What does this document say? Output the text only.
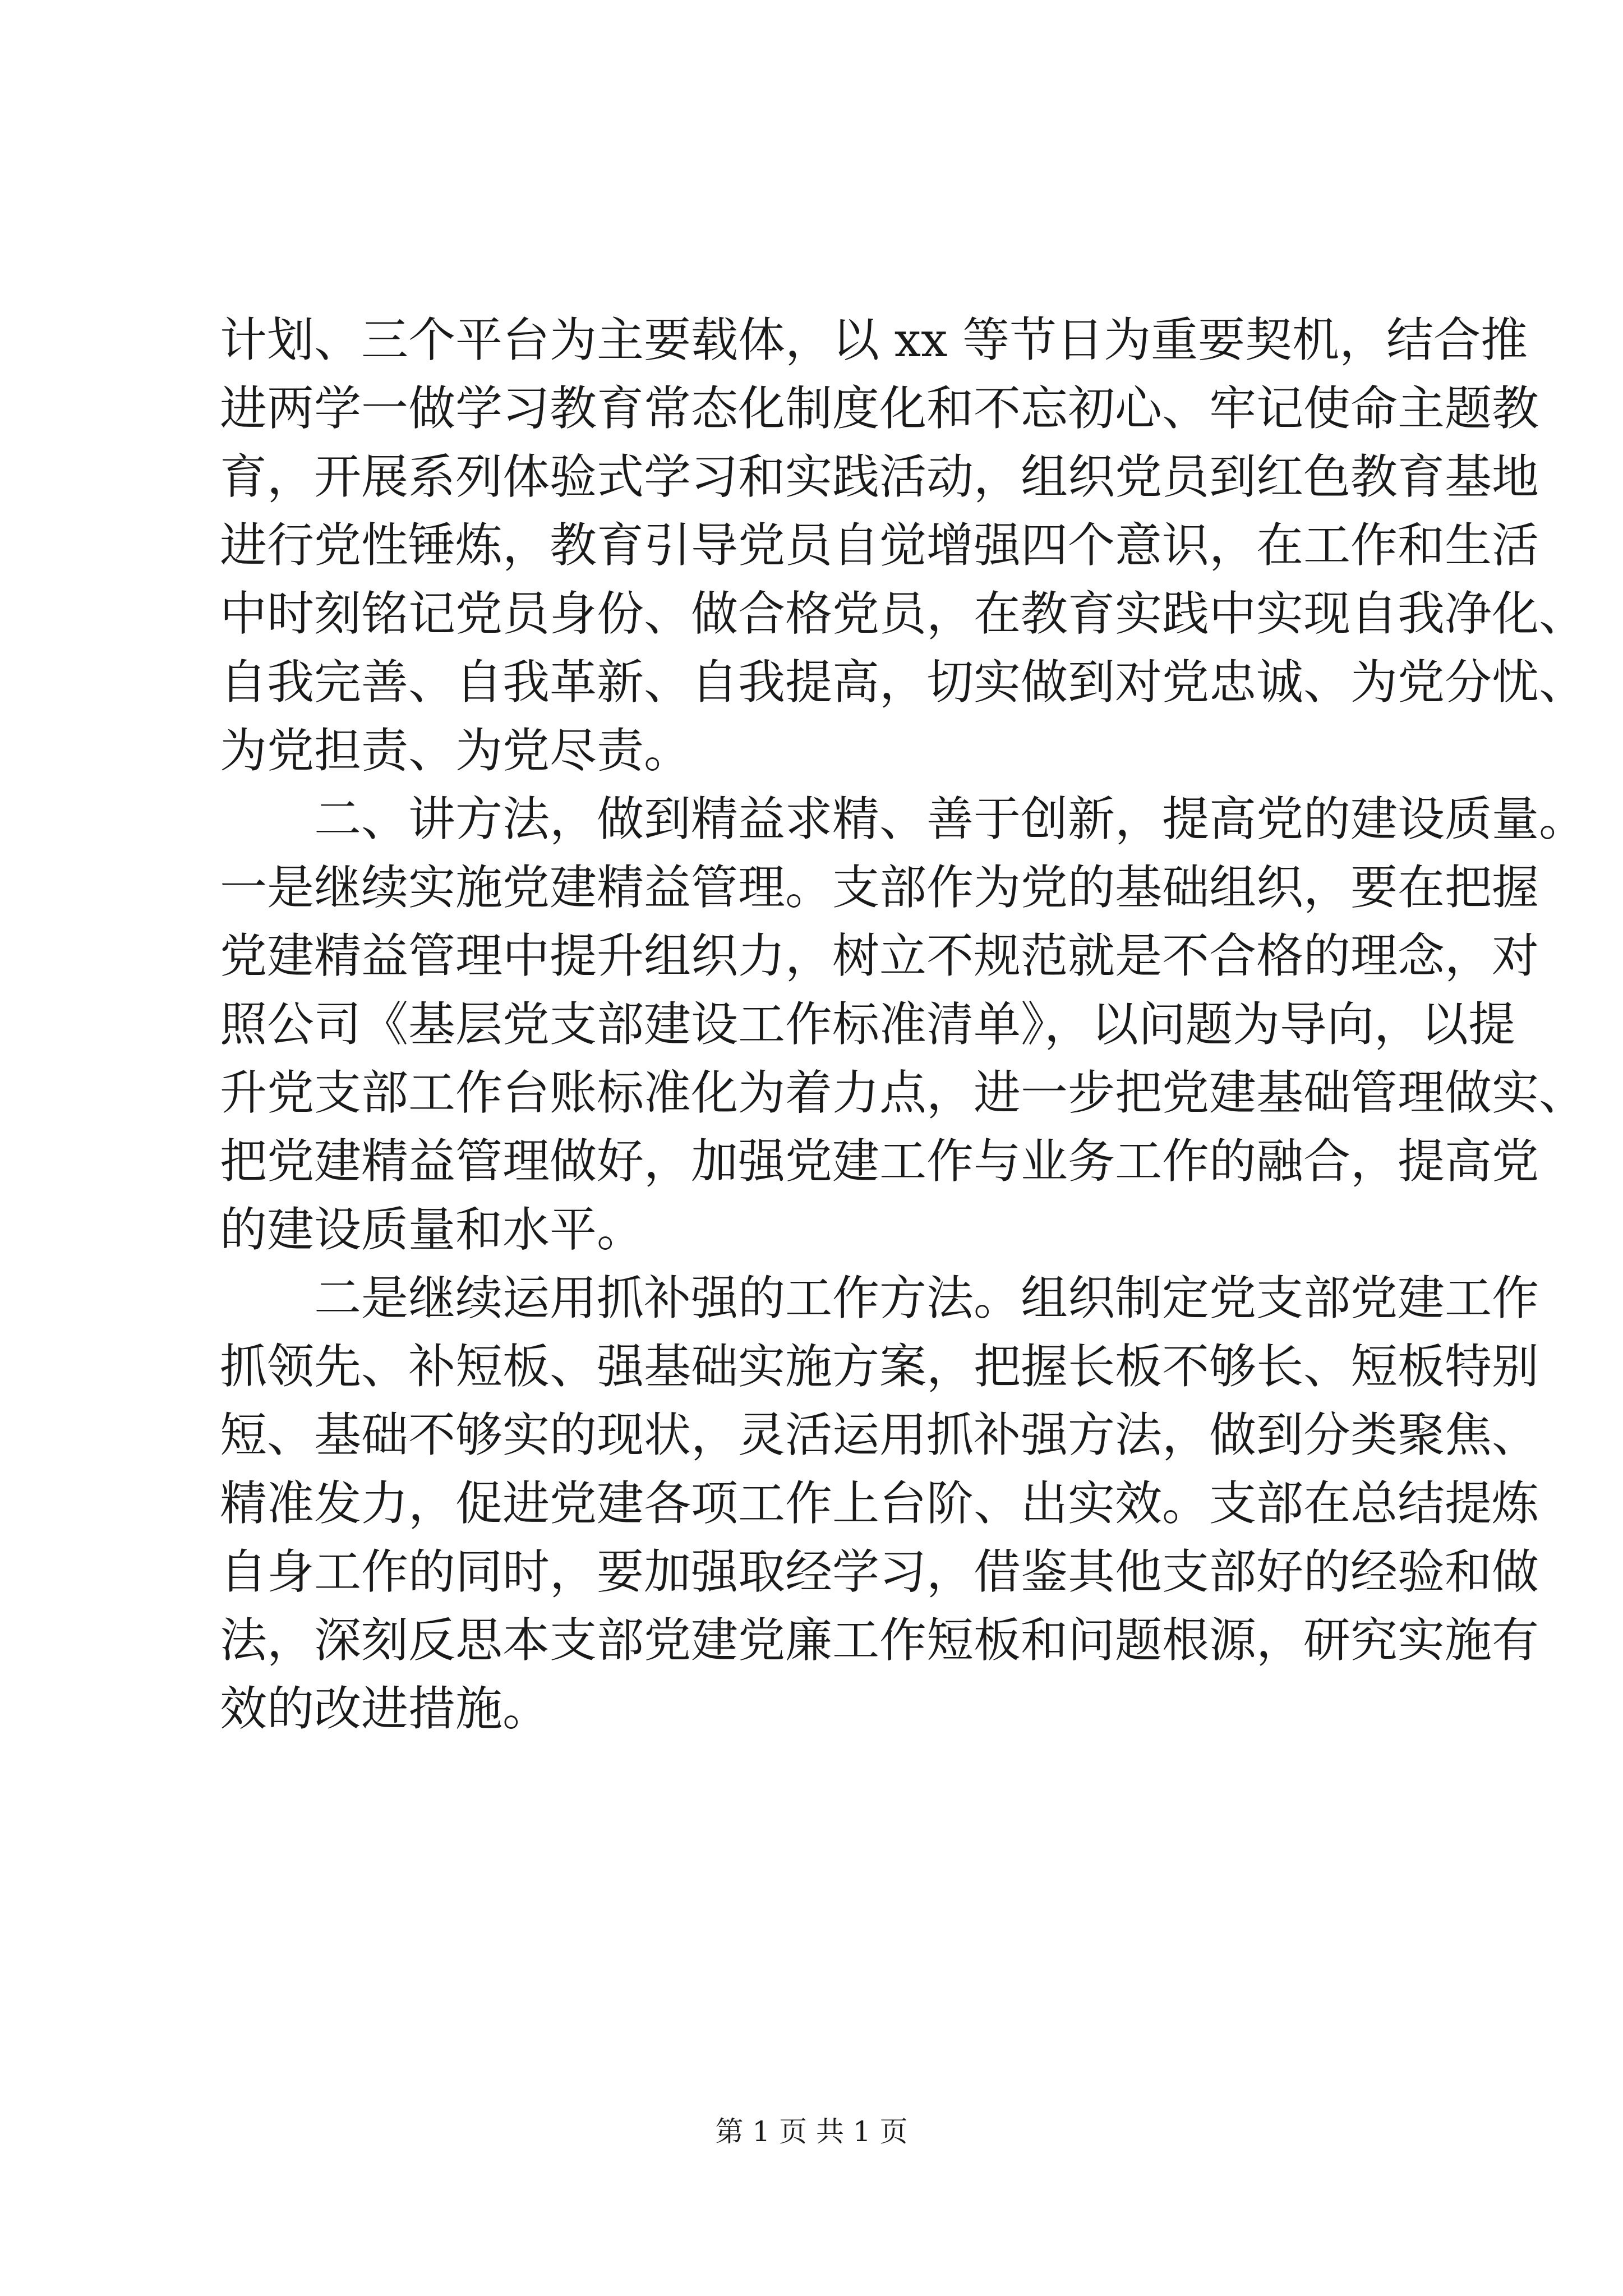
计划、三个平台为主要载体，以 xx 等节日为重要契机，结合推
进两学一做学习教育常态化制度化和不忘初心、牢记使命主题教
育，开展系列体验式学习和实践活动，组织党员到红色教育基地
进行党性锤炼，教育引导党员自觉增强四个意识，在工作和生活
中时刻铭记党员身份、做合格党员，在教育实践中实现自我净化、
自我完善、自我革新、自我提高，切实做到对党忠诚、为党分忧、
为党担责、为党尽责。
二、讲方法，做到精益求精、善于创新，提高党的建设质量。
一是继续实施党建精益管理。支部作为党的基础组织，要在把握
党建精益管理中提升组织力，树立不规范就是不合格的理念，对
照公司《基层党支部建设工作标准清单》，以问题为导向，以提
升党支部工作台账标准化为着力点，进一步把党建基础管理做实、
把党建精益管理做好，加强党建工作与业务工作的融合，提高党
的建设质量和水平。
二是继续运用抓补强的工作方法。组织制定党支部党建工作
抓领先、补短板、强基础实施方案，把握长板不够长、短板特别
短、基础不够实的现状，灵活运用抓补强方法，做到分类聚焦、
精准发力，促进党建各项工作上台阶、出实效。支部在总结提炼
自身工作的同时，要加强取经学习，借鉴其他支部好的经验和做
法，深刻反思本支部党建党廉工作短板和问题根源，研究实施有
效的改进措施。
第 1 页 共 1 页
